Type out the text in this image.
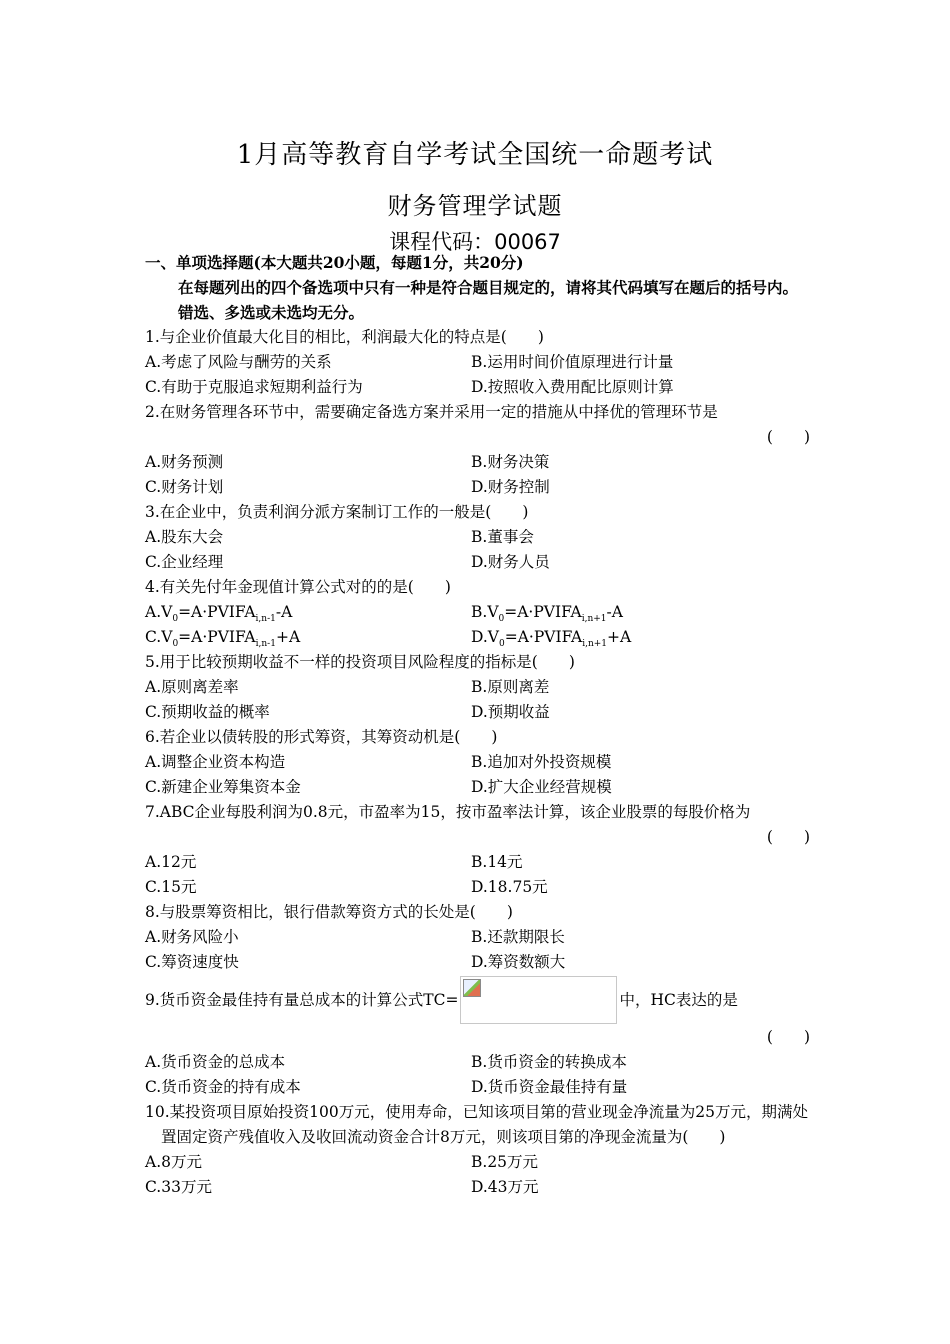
1月高等教育自学考试全国统一命题考试
财务管理学试题
课程代码：00067
一、单项选择题(本大题共20小题，每题1分，共20分)
在每题列出的四个备选项中只有一种是符合题目规定的，请将其代码填写在题后的括号内。错选、多选或未选均无分。
1.与企业价值最大化目的相比，利润最大化的特点是(　　)
A.考虑了风险与酬劳的关系	B.运用时间价值原理进行计量
C.有助于克服追求短期利益行为	D.按照收入费用配比原则计算
2.在财务管理各环节中，需要确定备选方案并采用一定的措施从中择优的管理环节是
(　　)
A.财务预测	B.财务决策
C.财务计划	D.财务控制
3.在企业中，负责利润分派方案制订工作的一般是(　　)
A.股东大会	B.董事会
C.企业经理	D.财务人员
4.有关先付年金现值计算公式对的的是(　　)
$A.V_0=A\cdot PVIFA_{i,n-1}-A$	$B.V_0=A\cdot PVIFA_{i,n+1}-A$
$C.V_0=A\cdot PVIFA_{i,n-1}+A$	$D.V_0=A\cdot PVIFA_{i,n+1}+A$
5.用于比较预期收益不一样的投资项目风险程度的指标是(　　)
A.原则离差率	B.原则离差
C.预期收益的概率	D.预期收益
6.若企业以债转股的形式筹资，其筹资动机是(　　)
A.调整企业资本构造	B.追加对外投资规模
C.新建企业筹集资本金	D.扩大企业经营规模
7.ABC企业每股利润为0.8元，市盈率为15，按市盈率法计算，该企业股票的每股价格为
(　　)
A.12元	B.14元
C.15元	D.18.75元
8.与股票筹资相比，银行借款筹资方式的长处是(　　)
A.财务风险小	B.还款期限长
C.筹资速度快	D.筹资数额大
9.货币资金最佳持有量总成本的计算公式TC=	中，HC表达的是
(　　)
A.货币资金的总成本	B.货币资金的转换成本
C.货币资金的持有成本	D.货币资金最佳持有量
10.某投资项目原始投资100万元，使用寿命，已知该项目第的营业现金净流量为25万元，期满处置固定资产残值收入及收回流动资金合计8万元，则该项目第的净现金流量为(　　)
A.8万元	B.25万元
C.33万元	D.43万元
